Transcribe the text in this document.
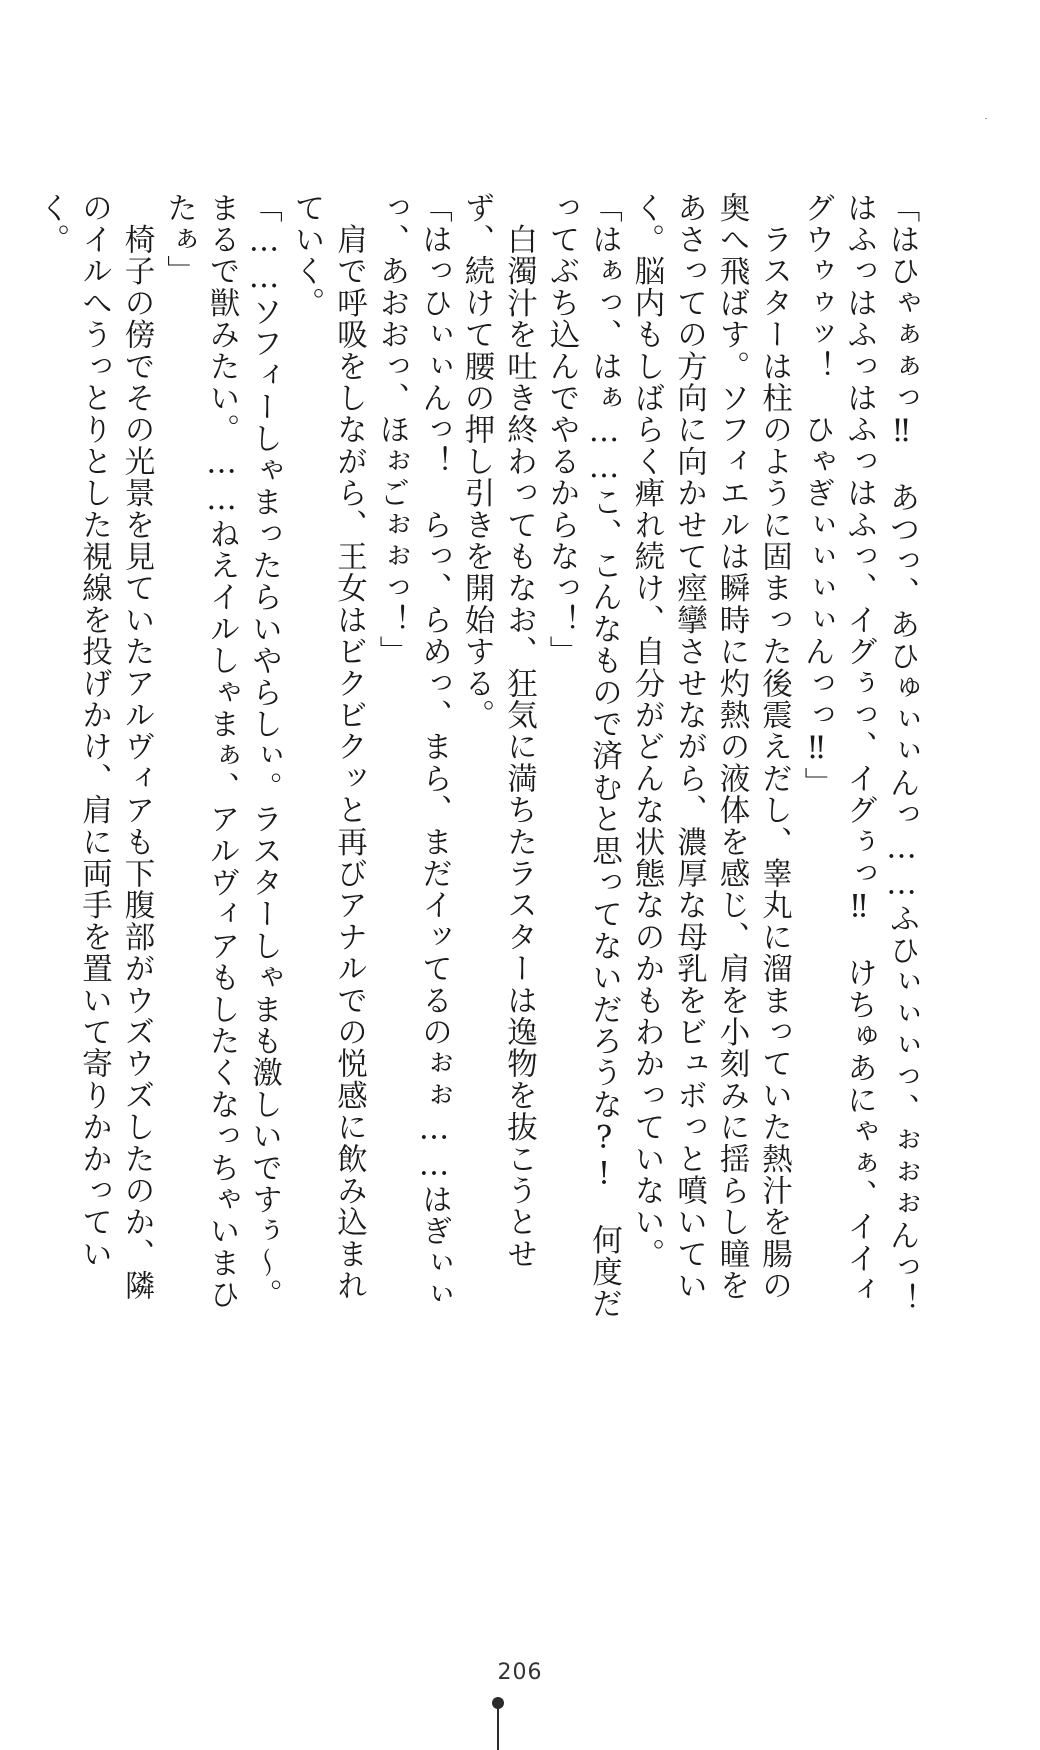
「はひゃぁぁっ‼　あつっ、あひゅぃぃんっ……ふひぃぃぃっ、ぉぉぉんっ！　はふっはふっはふっはふっ、イグぅっ、イグぅっ‼　けちゅあにゃぁ、イイィグウゥゥッ！　ひゃぎぃぃぃぃんっっ‼」

　ラスターは柱のように固まった後震えだし、睾丸に溜まっていた熱汁を腸の奥へ飛ばす。ソフィエルは瞬時に灼熱の液体を感じ、肩を小刻みに揺らし瞳をあさっての方向に向かせて痙攣させながら、濃厚な母乳をビュボっと噴いていく。脳内もしばらく痺れ続け、自分がどんな状態なのかもわかっていない。

「はぁっ、はぁ……こ、こんなもので済むと思ってないだろうな?!　何度だってぶち込んでやるからなっ！」

　白濁汁を吐き終わってもなお、狂気に満ちたラスターは逸物を抜こうとせず、続けて腰の押し引きを開始する。

「はっひぃぃんっ！　らっ、らめっ、まら、まだイッてるのぉぉ……はぎぃぃっ、あおおっ、ほぉごぉぉっ！」

　肩で呼吸をしながら、王女はビクビクッと再びアナルでの悦感に飲み込まれていく。

「……ソフィーしゃまったらいやらしぃ。ラスターしゃまも激しいですぅ～。まるで獣みたい。……ねえイルしゃまぁ、アルヴィアもしたくなっちゃいまひたぁ」

　椅子の傍でその光景を見ていたアルヴィアも下腹部がウズウズしたのか、隣のイルへうっとりとした視線を投げかけ、肩に両手を置いて寄りかかっていく。

206
